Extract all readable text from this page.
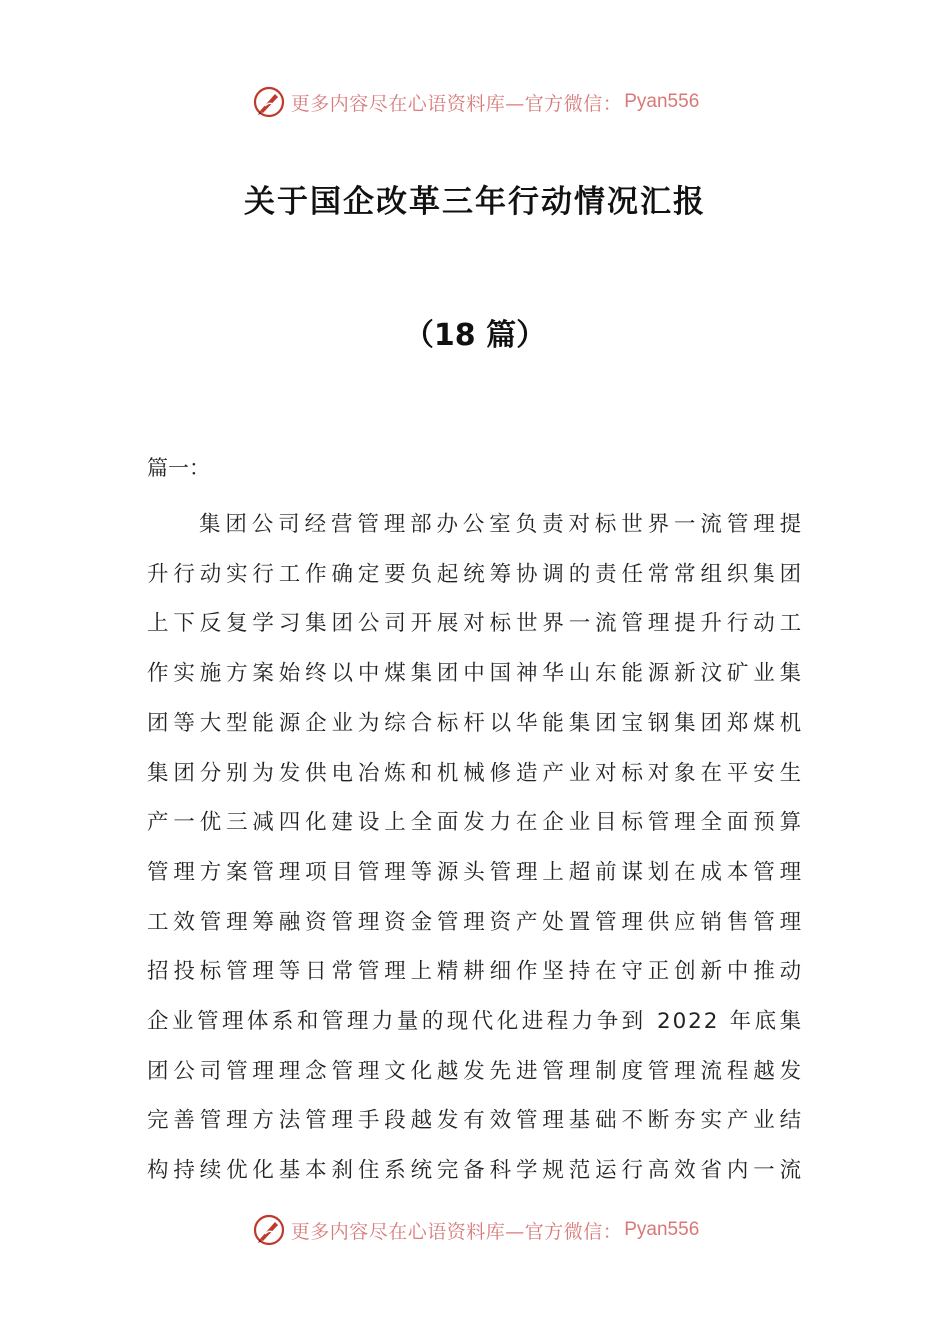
更多内容尽在心语资料库—官方微信： Pyan556
关于国企改革三年行动情况汇报
（18 篇）
篇一：
集团公司经营管理部办公室负责对标世界一流管理提
升行动实行工作确定要负起统筹协调的责任常常组织集团
上下反复学习集团公司开展对标世界一流管理提升行动工
作实施方案始终以中煤集团中国神华山东能源新汶矿业集
团等大型能源企业为综合标杆以华能集团宝钢集团郑煤机
集团分别为发供电冶炼和机械修造产业对标对象在平安生
产一优三减四化建设上全面发力在企业目标管理全面预算
管理方案管理项目管理等源头管理上超前谋划在成本管理
工效管理筹融资管理资金管理资产处置管理供应销售管理
招投标管理等日常管理上精耕细作坚持在守正创新中推动
企业管理体系和管理力量的现代化进程力争到 2022 年底集
团公司管理理念管理文化越发先进管理制度管理流程越发
完善管理方法管理手段越发有效管理基础不断夯实产业结
构持续优化基本刹住系统完备科学规范运行高效省内一流
更多内容尽在心语资料库—官方微信： Pyan556
